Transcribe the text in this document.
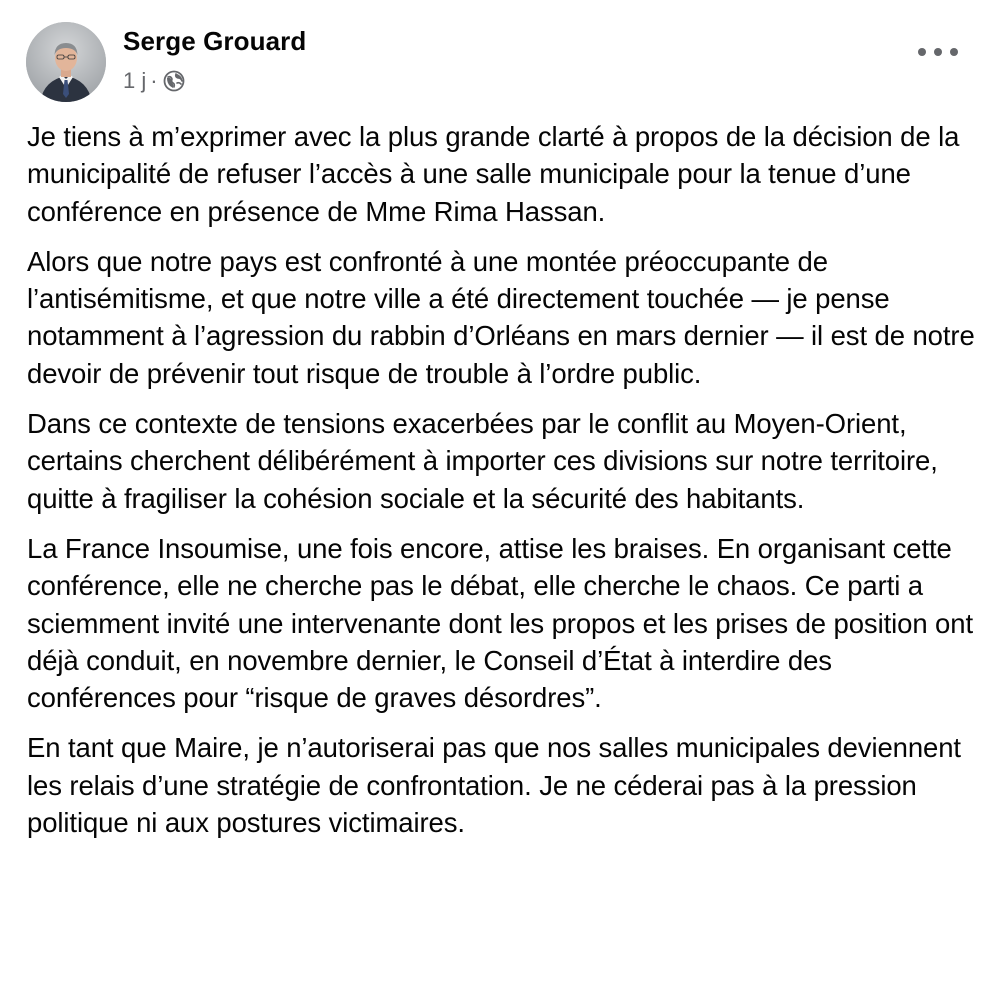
Serge Grouard
1 j ·

Je tiens à m’exprimer avec la plus grande clarté à propos de la décision de la municipalité de refuser l’accès à une salle municipale pour la tenue d’une conférence en présence de Mme Rima Hassan.

Alors que notre pays est confronté à une montée préoccupante de l’antisémitisme, et que notre ville a été directement touchée — je pense notamment à l’agression du rabbin d’Orléans en mars dernier — il est de notre devoir de prévenir tout risque de trouble à l’ordre public.

Dans ce contexte de tensions exacerbées par le conflit au Moyen-Orient, certains cherchent délibérément à importer ces divisions sur notre territoire, quitte à fragiliser la cohésion sociale et la sécurité des habitants.

La France Insoumise, une fois encore, attise les braises. En organisant cette conférence, elle ne cherche pas le débat, elle cherche le chaos. Ce parti a sciemment invité une intervenante dont les propos et les prises de position ont déjà conduit, en novembre dernier, le Conseil d’État à interdire des conférences pour “risque de graves désordres”.

En tant que Maire, je n’autoriserai pas que nos salles municipales deviennent les relais d’une stratégie de confrontation. Je ne céderai pas à la pression politique ni aux postures victimaires.
